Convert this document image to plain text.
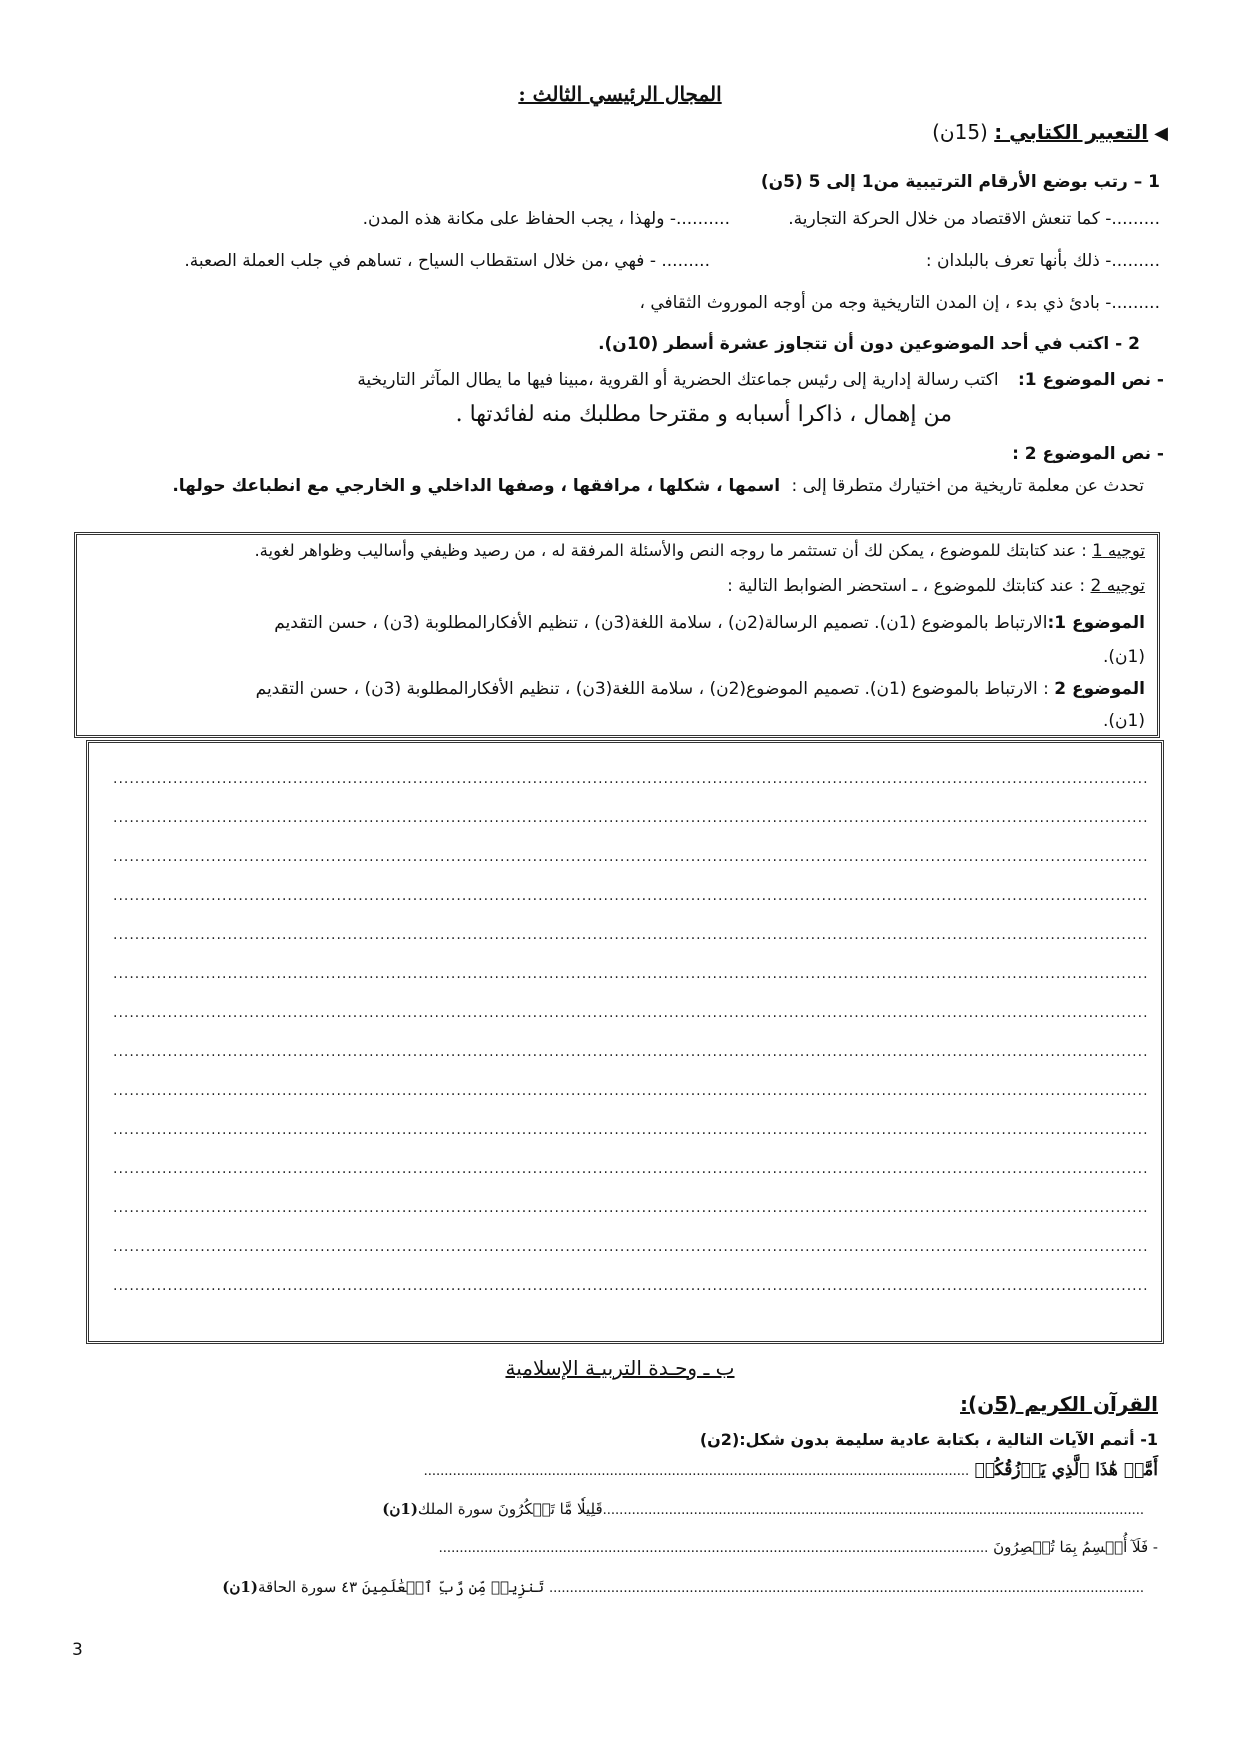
المجال الرئيسي الثالث :
◀التعبير الكتابي : (15ن)
1 – رتب بوضع الأرقام الترتيبية من1 إلى 5 (5ن)
.........- كما تنعش الاقتصاد من خلال الحركة التجارية.
..........- ولهذا ، يجب الحفاظ على مكانة هذه المدن.
.........- ذلك بأنها تعرف بالبلدان :
......... - فهي ،من خلال استقطاب السياح ، تساهم في جلب العملة الصعبة.
.........- بادئ ذي بدء ، إن المدن التاريخية وجه من أوجه الموروث الثقافي ،
2 - اكتب في أحد الموضوعين دون أن تتجاوز عشرة أسطر (10ن).
- نص الموضوع 1: اكتب رسالة إدارية إلى رئيس جماعتك الحضرية أو القروية ،مبينا فيها ما يطال المآثر التاريخية
من إهمال ، ذاكرا أسبابه و مقترحا مطلبك منه لفائدتها .
- نص الموضوع 2 :
تحدث عن معلمة تاريخية من اختيارك متطرقا إلى : اسمها ، شكلها ، مرافقها ، وصفها الداخلي و الخارجي مع انطباعك حولها.
توجيه 1 : عند كتابتك للموضوع ، يمكن لك أن تستثمر ما روجه النص والأسئلة المرفقة له ، من رصيد وظيفي وأساليب وظواهر لغوية.
توجيه 2 : عند كتابتك للموضوع ، ـ استحضر الضوابط التالية :
الموضوع 1:الارتباط بالموضوع (1ن). تصميم الرسالة(2ن) ، سلامة اللغة(3ن) ، تنظيم الأفكارالمطلوبة (3ن) ، حسن التقديم
(1ن).
الموضوع 2 : الارتباط بالموضوع (1ن). تصميم الموضوع(2ن) ، سلامة اللغة(3ن) ، تنظيم الأفكارالمطلوبة (3ن) ، حسن التقديم
(1ن).
.....
.....
.....
.....
.....
.....
.....
.....
.....
.....
.....
.....
.....
.....
ب ـ وحـدة التربيـة الإسلامية
القرآن الكريم (5ن):
1- أتمم الآيات التالية ، بكتابة عادية سليمة بدون شكل:(2ن)
أَمَّنۡ هَٰذَا ٱلَّذِي يَرۡزُقُكُمۡ ....................................................................................................................................
...................................................................................................................................قَلِيلٗا مَّا تَشۡكُرُونَ سورة الملك(1ن)
- فَلَآ أُقۡسِمُ بِمَا تُبۡصِرُونَ .....................................................................................................................................
................................................................................................................................................ تَنزِيلٞ مِّن رَّبِّ ٱلۡعَٰلَمِينَ ٤٣ سورة الحاقة(1ن)
3
